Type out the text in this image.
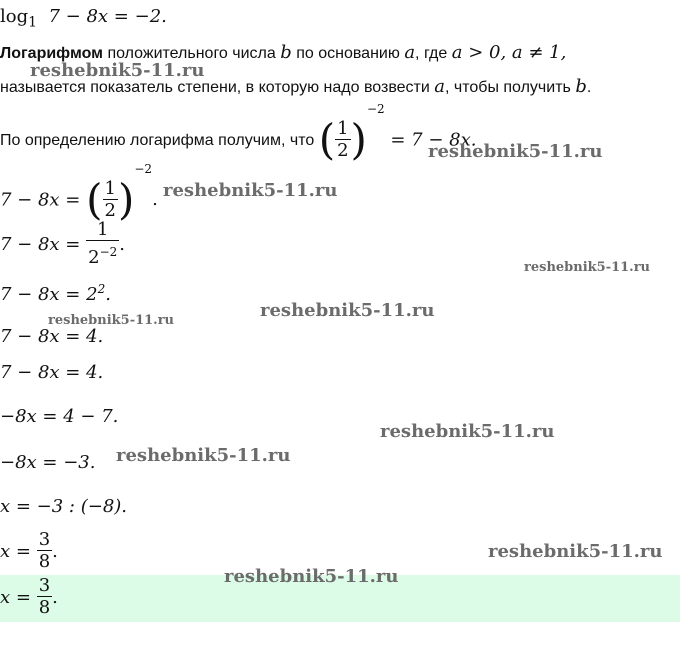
$\log_1 7 - 8x = -2$.
Логарифмом положительного числа b по основанию a, где a > 0, a ≠ 1,
называется показатель степени, в которую надо возвести a, чтобы получить b.
По определению логарифма получим, что ( $\frac{1}{2} )^{-2} = 7 - 8x$.
7 − 8x = ( $\frac{1}{2} )^{-2}$.
$7 - 8x = \frac{1}{2^{-2}}$ .
$7 - 8x = 2^2$.
7 − 8x = 4.
7 − 8x = 4.
−8x = 4 − 7.
−8x = −3.
x = −3 : (−8).
$x = \frac{3}{8}$ .
$x = \frac{3}{8}$ .
reshebnik5-11.ru
reshebnik5-11.ru
reshebnik5-11.ru
reshebnik5-11.ru
reshebnik5-11.ru
reshebnik5-11.ru
reshebnik5-11.ru
reshebnik5-11.ru
reshebnik5-11.ru
reshebnik5-11.ru
